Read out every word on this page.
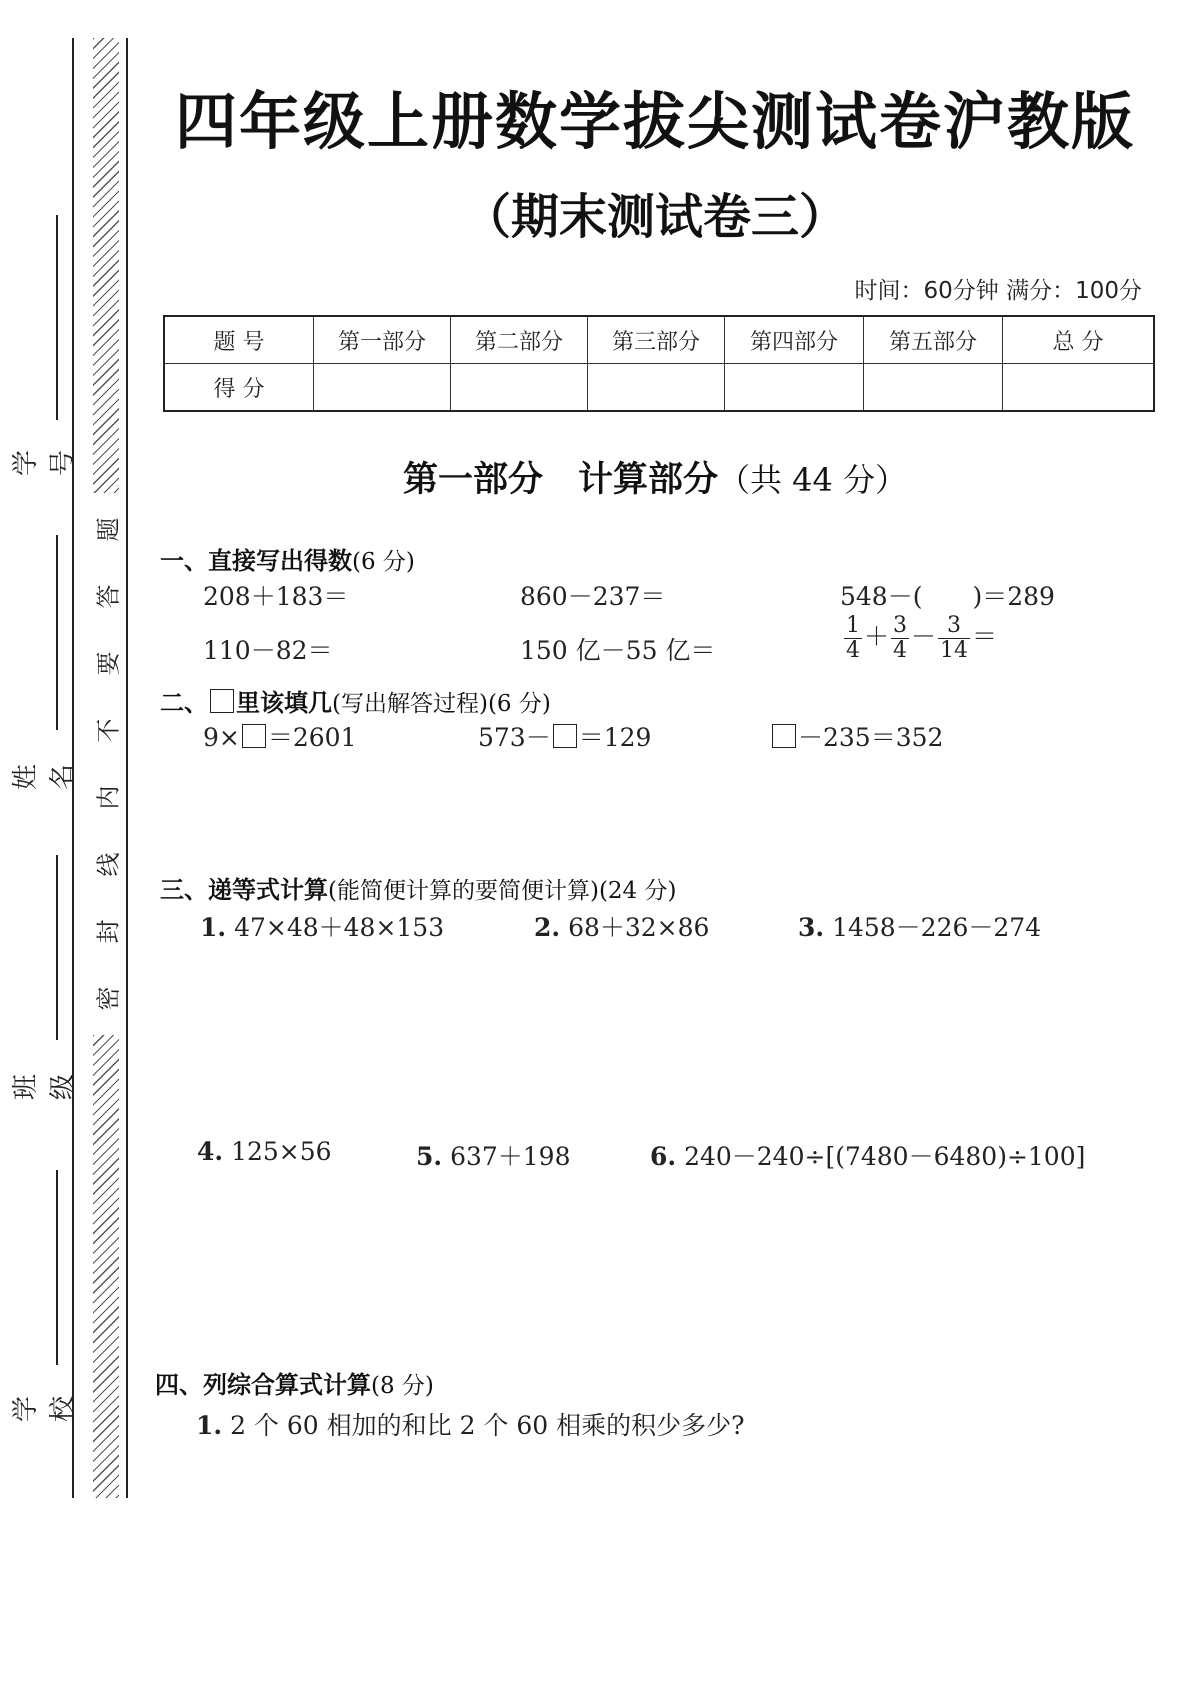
题
答
要
不
内
线
封
密
学号
姓名
班级
学校
四年级上册数学拔尖测试卷沪教版
（期末测试卷三）
时间：60分钟 满分：100分
题 号	第一部分	第二部分	第三部分	第四部分	第五部分	总 分
得 分						
第一部分　计算部分（共 44 分）
一、直接写出得数(6 分)
208＋183＝	860－237＝	548－(　　)＝289
110－82＝	150 亿－55 亿＝	$\frac{1}{4} + \frac{3}{4} - \frac{3}{14}$ ＝
二、 里该填几(写出解答过程)(6 分)
9× ＝2601	573－ ＝129	－235＝352
三、递等式计算(能简便计算的要简便计算)(24 分)
1. 47×48＋48×153	2. 68＋32×86	3. 1458－226－274
4. 125×56	5. 637＋198	6. 240－240÷[(7480－6480)÷100]
四、列综合算式计算(8 分)
1. 2 个 60 相加的和比 2 个 60 相乘的积少多少?
